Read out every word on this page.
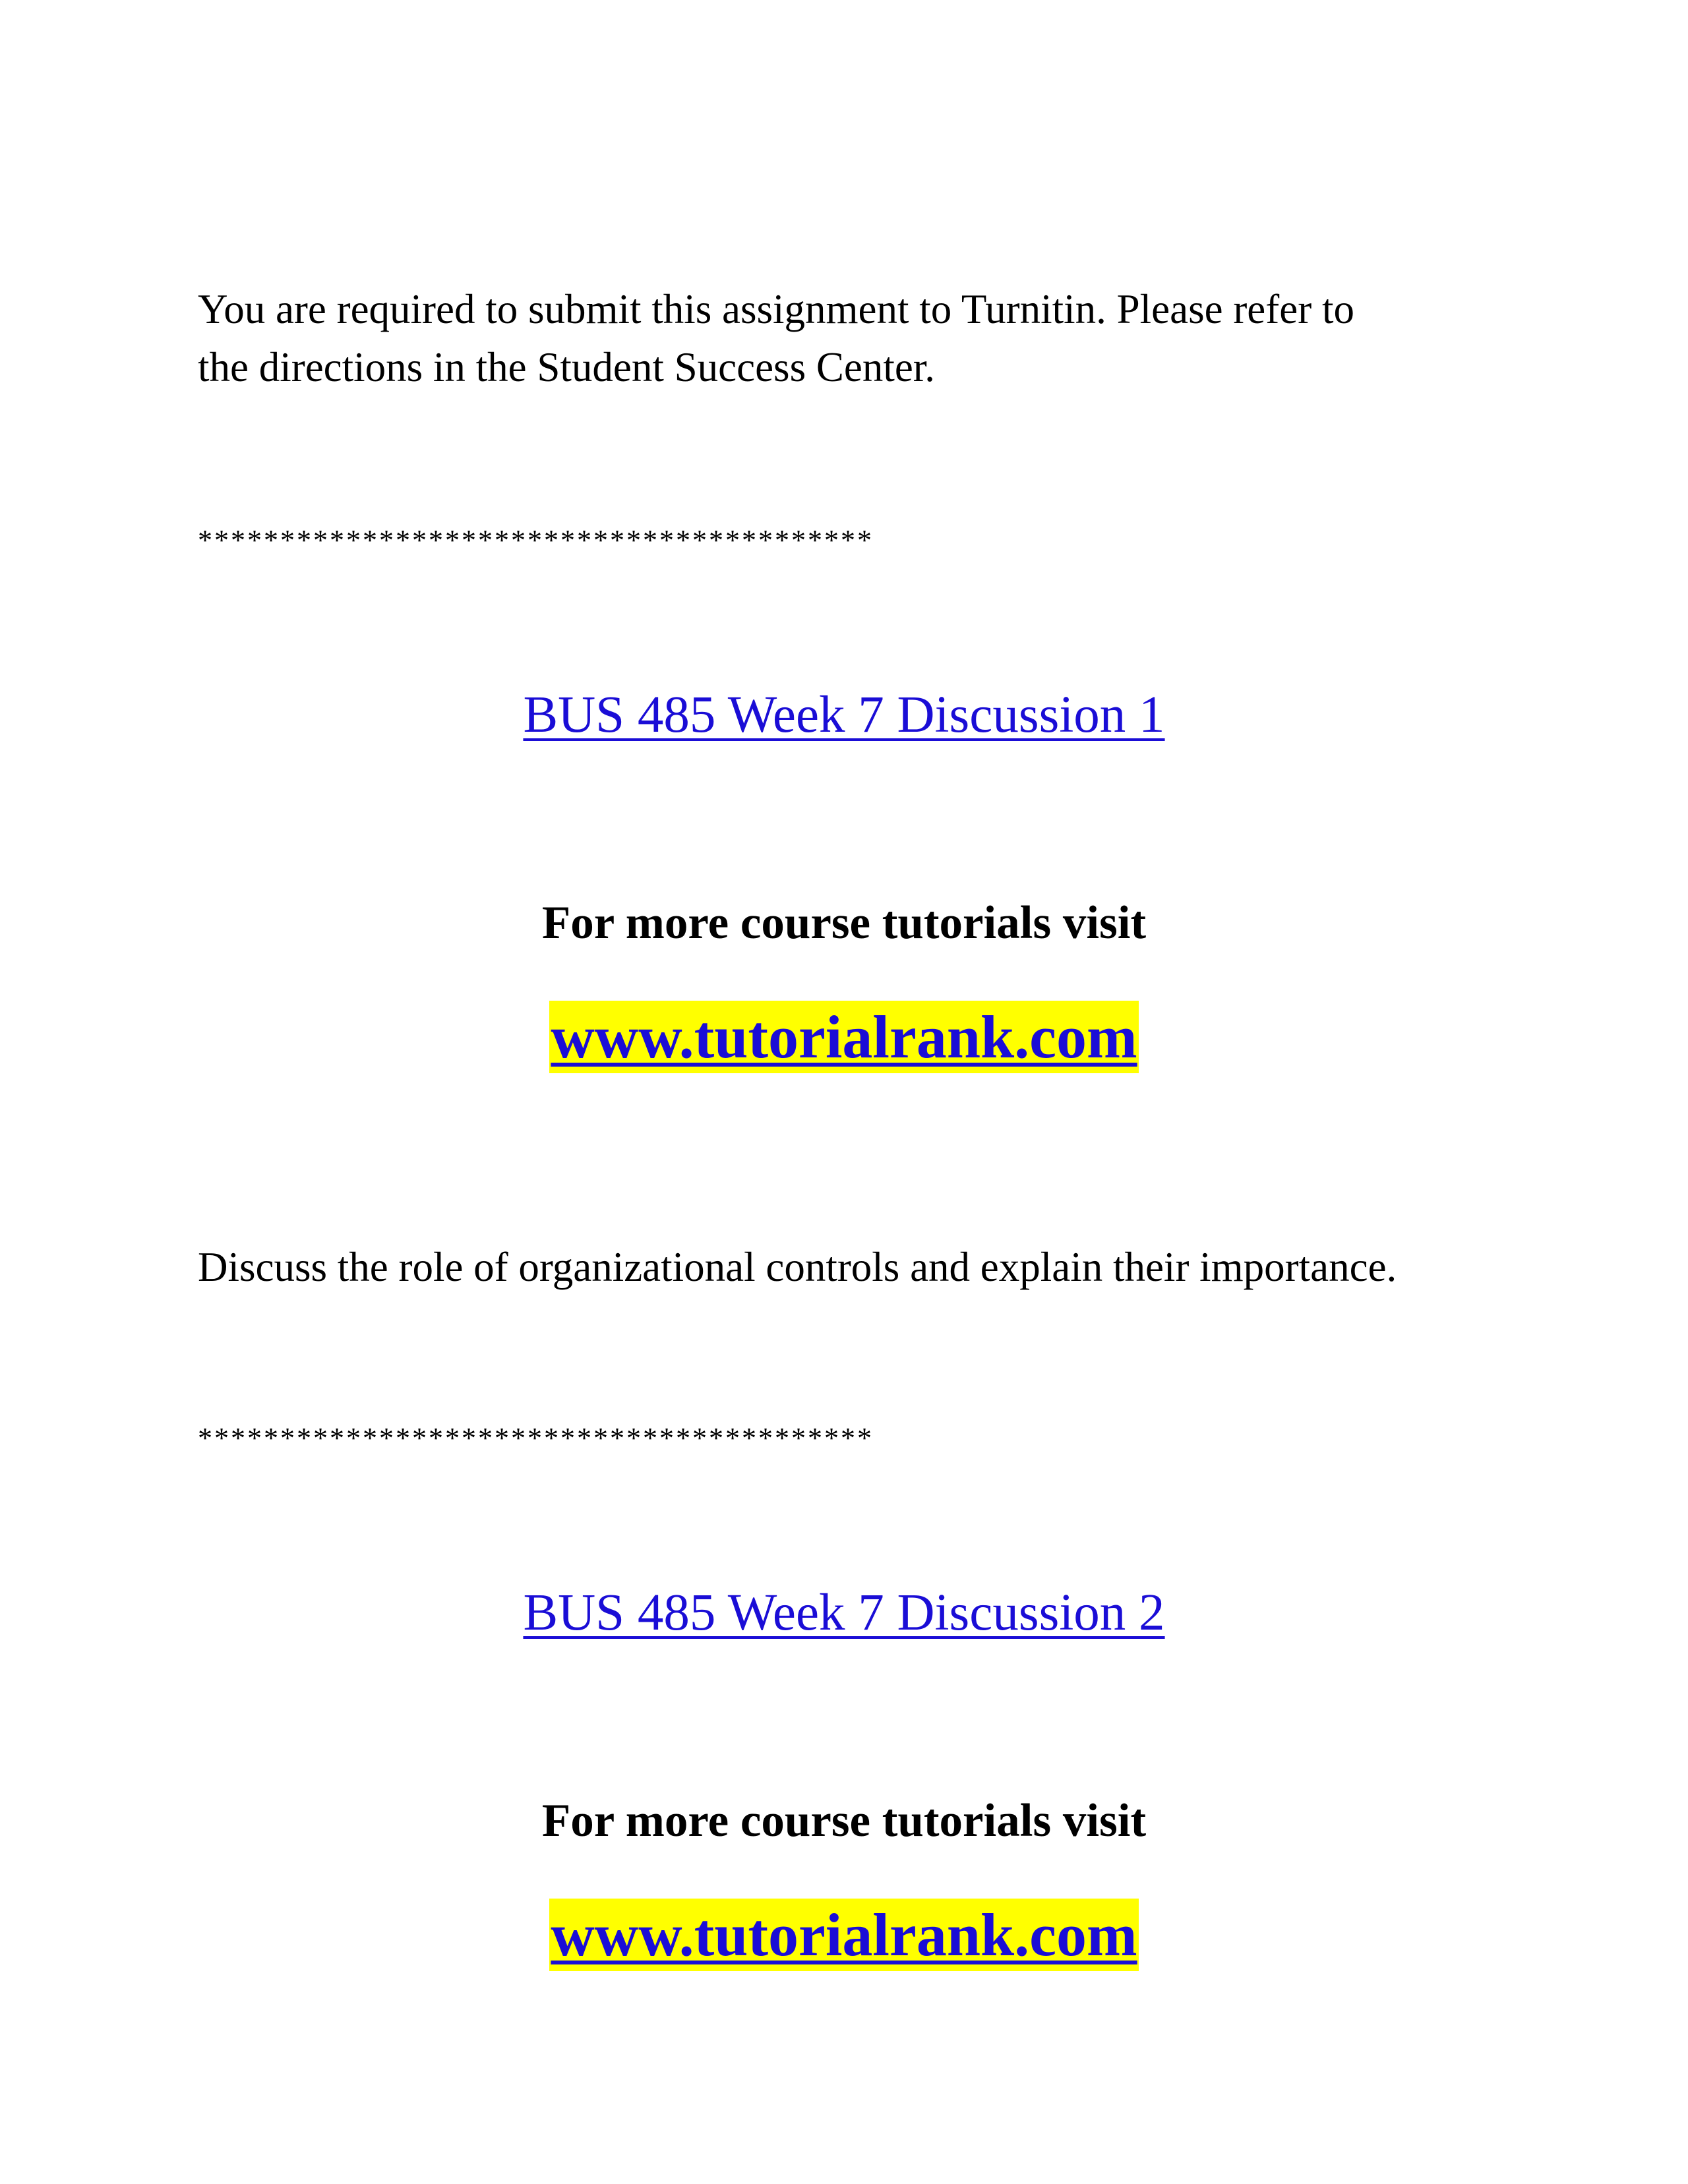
You are required to submit this assignment to Turnitin. Please refer to
the directions in the Student Success Center.

*****************************************

BUS 485 Week 7 Discussion 1
For more course tutorials visit
www.tutorialrank.com

Discuss the role of organizational controls and explain their importance.

*****************************************

BUS 485 Week 7 Discussion 2
For more course tutorials visit
www.tutorialrank.com
